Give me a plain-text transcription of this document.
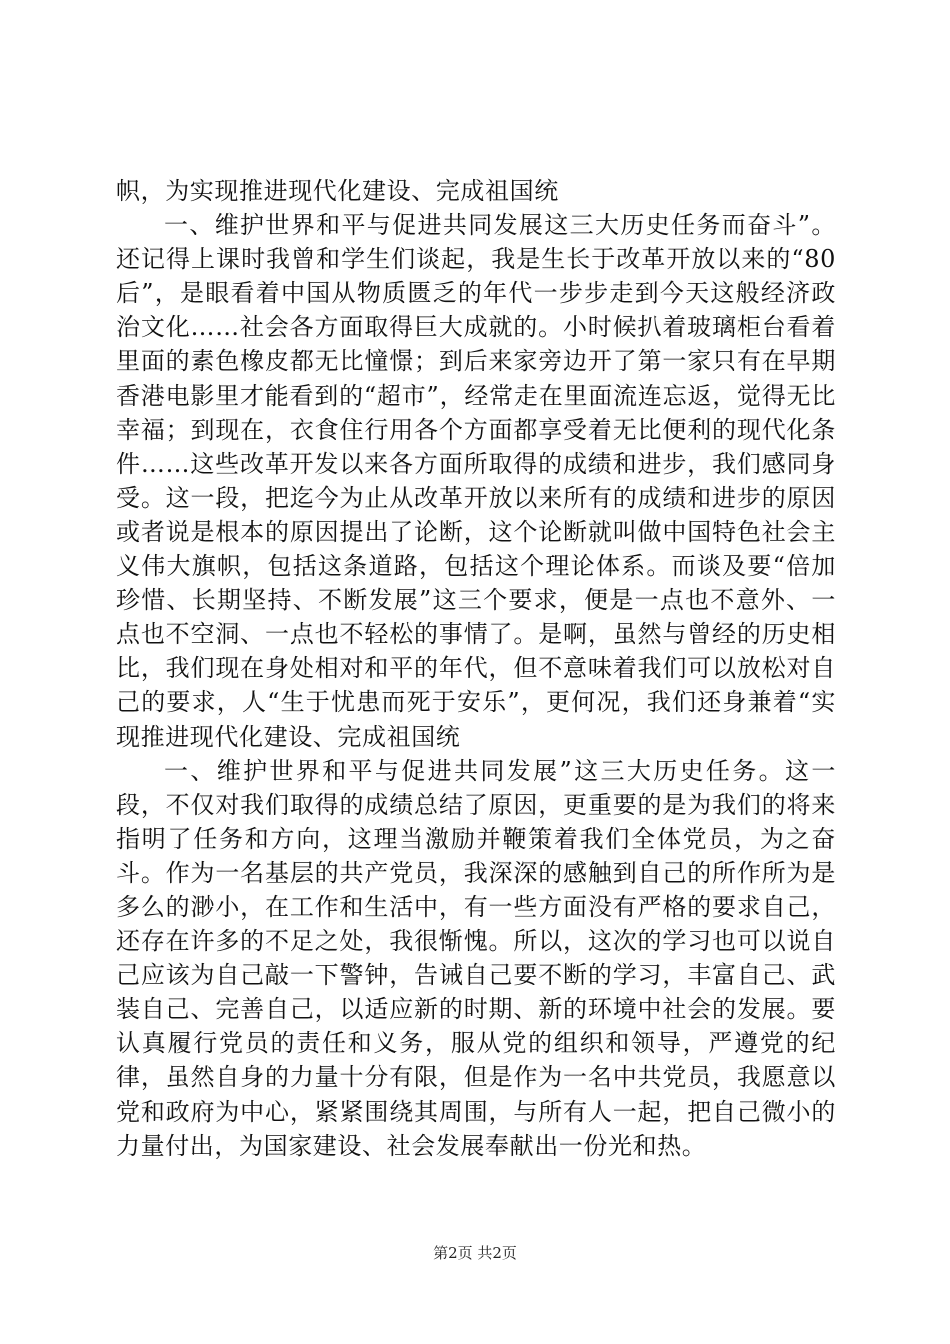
帜，为实现推进现代化建设、完成祖国统

一、维护世界和平与促进共同发展这三大历史任务而奋斗”。还记得上课时我曾和学生们谈起，我是生长于改革开放以来的“80后”，是眼看着中国从物质匮乏的年代一步步走到今天这般经济政治文化……社会各方面取得巨大成就的。小时候扒着玻璃柜台看着里面的素色橡皮都无比憧憬；到后来家旁边开了第一家只有在早期香港电影里才能看到的“超市”，经常走在里面流连忘返，觉得无比幸福；到现在，衣食住行用各个方面都享受着无比便利的现代化条件……这些改革开发以来各方面所取得的成绩和进步，我们感同身受。这一段，把迄今为止从改革开放以来所有的成绩和进步的原因或者说是根本的原因提出了论断，这个论断就叫做中国特色社会主义伟大旗帜，包括这条道路，包括这个理论体系。而谈及要“倍加珍惜、长期坚持、不断发展”这三个要求，便是一点也不意外、一点也不空洞、一点也不轻松的事情了。是啊，虽然与曾经的历史相比，我们现在身处相对和平的年代，但不意味着我们可以放松对自己的要求，人“生于忧患而死于安乐”，更何况，我们还身兼着“实现推进现代化建设、完成祖国统

一、维护世界和平与促进共同发展”这三大历史任务。这一段，不仅对我们取得的成绩总结了原因，更重要的是为我们的将来指明了任务和方向，这理当激励并鞭策着我们全体党员，为之奋斗。作为一名基层的共产党员，我深深的感触到自己的所作所为是多么的渺小，在工作和生活中，有一些方面没有严格的要求自己，还存在许多的不足之处，我很惭愧。所以，这次的学习也可以说自己应该为自己敲一下警钟，告诫自己要不断的学习，丰富自己、武装自己、完善自己，以适应新的时期、新的环境中社会的发展。要认真履行党员的责任和义务，服从党的组织和领导，严遵党的纪律，虽然自身的力量十分有限，但是作为一名中共党员，我愿意以党和政府为中心，紧紧围绕其周围，与所有人一起，把自己微小的力量付出，为国家建设、社会发展奉献出一份光和热。

第2页 共2页
